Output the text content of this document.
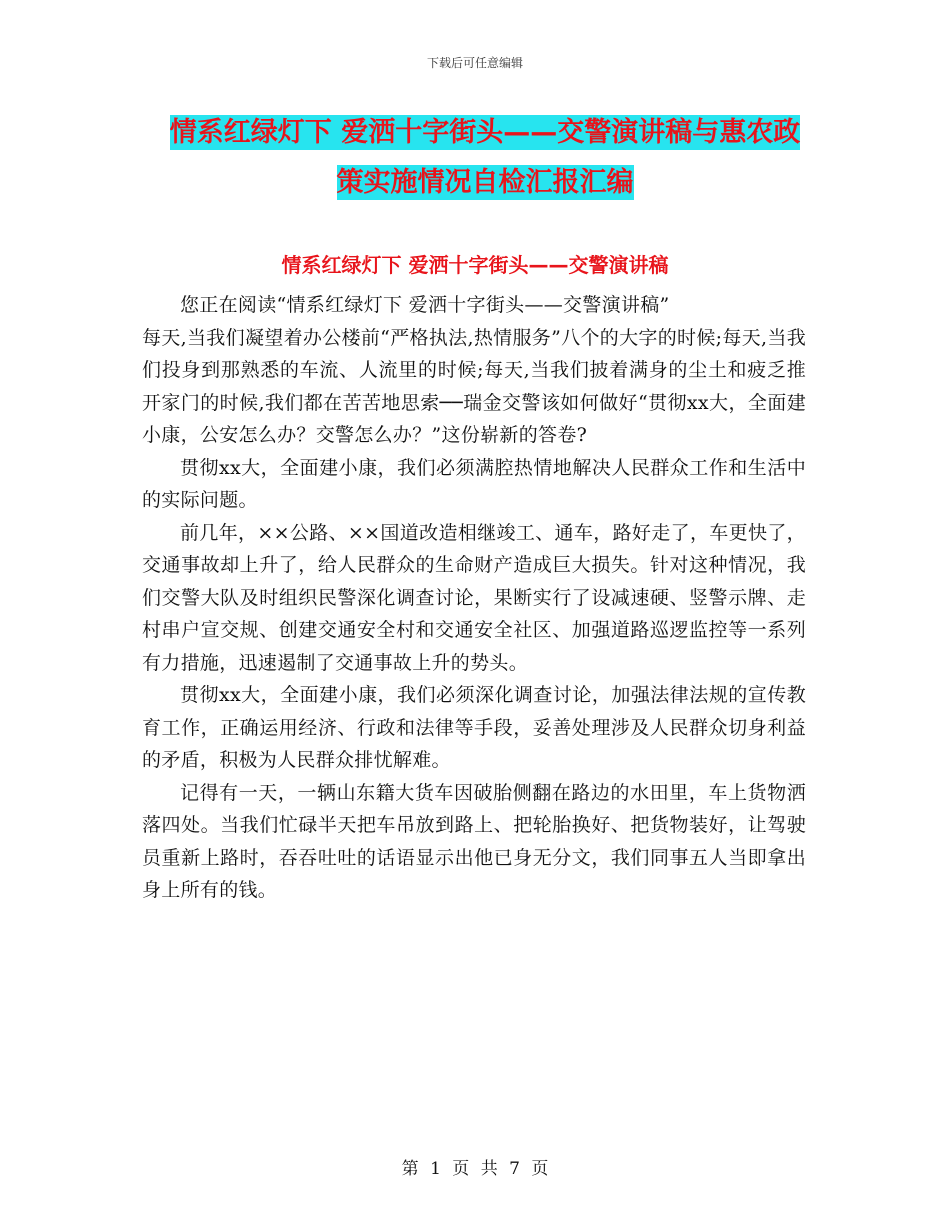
下载后可任意编辑
情系红绿灯下 爱洒十字街头——交警演讲稿与惠农政
策实施情况自检汇报汇编
情系红绿灯下 爱洒十字街头——交警演讲稿

您正在阅读“情系红绿灯下 爱洒十字街头——交警演讲稿”

每天,当我们凝望着办公楼前“严格执法,热情服务”八个的大字的时候;每天,当我们投身到那熟悉的车流、人流里的时候;每天,当我们披着满身的尘土和疲乏推开家门的时候,我们都在苦苦地思索──瑞金交警该如何做好“贯彻xx大，全面建小康，公安怎么办？交警怎么办？”这份崭新的答卷?

贯彻xx大，全面建小康，我们必须满腔热情地解决人民群众工作和生活中的实际问题。

前几年，××公路、××国道改造相继竣工、通车，路好走了，车更快了，交通事故却上升了，给人民群众的生命财产造成巨大损失。针对这种情况，我们交警大队及时组织民警深化调查讨论，果断实行了设减速硬、竖警示牌、走村串户宣交规、创建交通安全村和交通安全社区、加强道路巡逻监控等一系列有力措施，迅速遏制了交通事故上升的势头。

贯彻xx大，全面建小康，我们必须深化调查讨论，加强法律法规的宣传教育工作，正确运用经济、行政和法律等手段，妥善处理涉及人民群众切身利益的矛盾，积极为人民群众排忧解难。

记得有一天，一辆山东籍大货车因破胎侧翻在路边的水田里，车上货物洒落四处。当我们忙碌半天把车吊放到路上、把轮胎换好、把货物装好，让驾驶员重新上路时，吞吞吐吐的话语显示出他已身无分文，我们同事五人当即拿出身上所有的钱。

第 1 页 共 7 页
